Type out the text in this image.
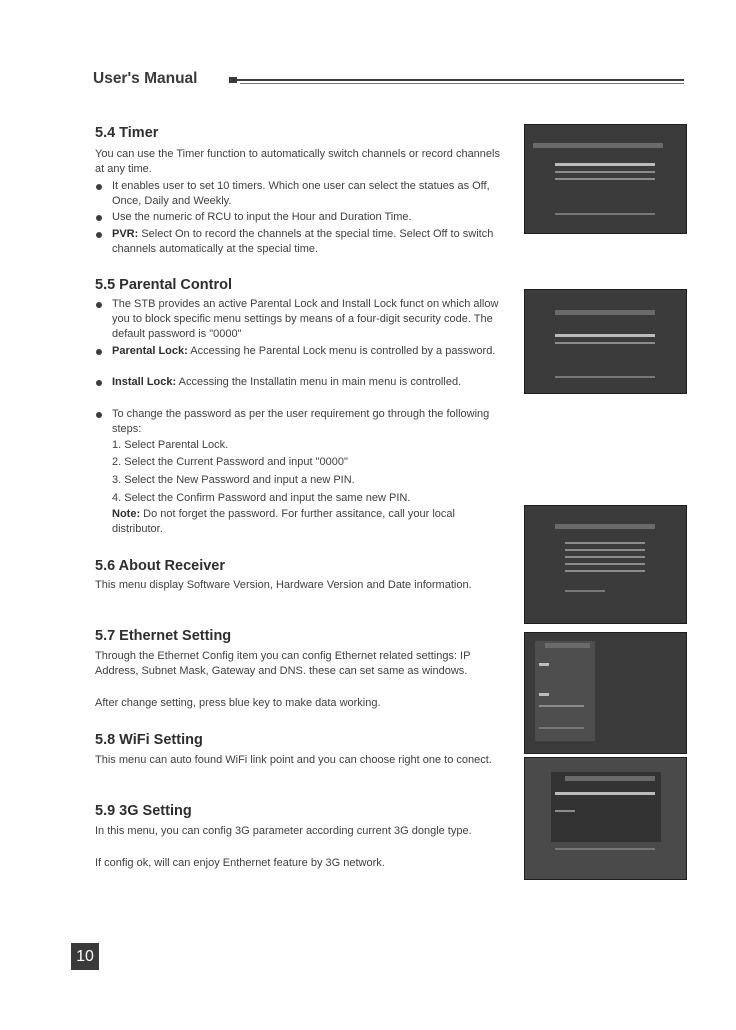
User's Manual
5.4 Timer

You can use the Timer function to automatically switch channels or record channels at any time.

It enables user to set 10 timers. Which one user can select the statues as Off, Once, Daily and Weekly.
Use the numeric of RCU to input the Hour and Duration Time.
PVR: Select On to record the channels at the special time. Select Off to switch channels automatically at the special time.
5.5 Parental Control
The STB provides an active Parental Lock and Install Lock funct on which allow you to block specific menu settings by means of a four-digit security code. The default password is "0000"
Parental Lock: Accessing he Parental Lock menu is controlled by a password.
Install Lock: Accessing the Installatin menu in main menu is controlled.
To change the password as per the user requirement go through the following steps:
1. Select Parental Lock.
2. Select the Current Password and input "0000"
3. Select the New Password and input a new PIN.
4. Select the Confirm Password and input the same new PIN.
Note: Do not forget the password. For further assitance, call your local distributor.
5.6 About Receiver

This menu display Software Version, Hardware Version and Date information.

5.7 Ethernet Setting

Through the Ethernet Config item you can config Ethernet related settings: IP Address, Subnet Mask, Gateway and DNS. these can set same as windows.

After change setting, press blue key to make data working.

5.8 WiFi Setting

This menu can auto found WiFi link point and you can choose right one to conect.

5.9 3G Setting

In this menu, you can config 3G parameter according current 3G dongle type.

If config ok, will can enjoy Enthernet feature by 3G network.

10
